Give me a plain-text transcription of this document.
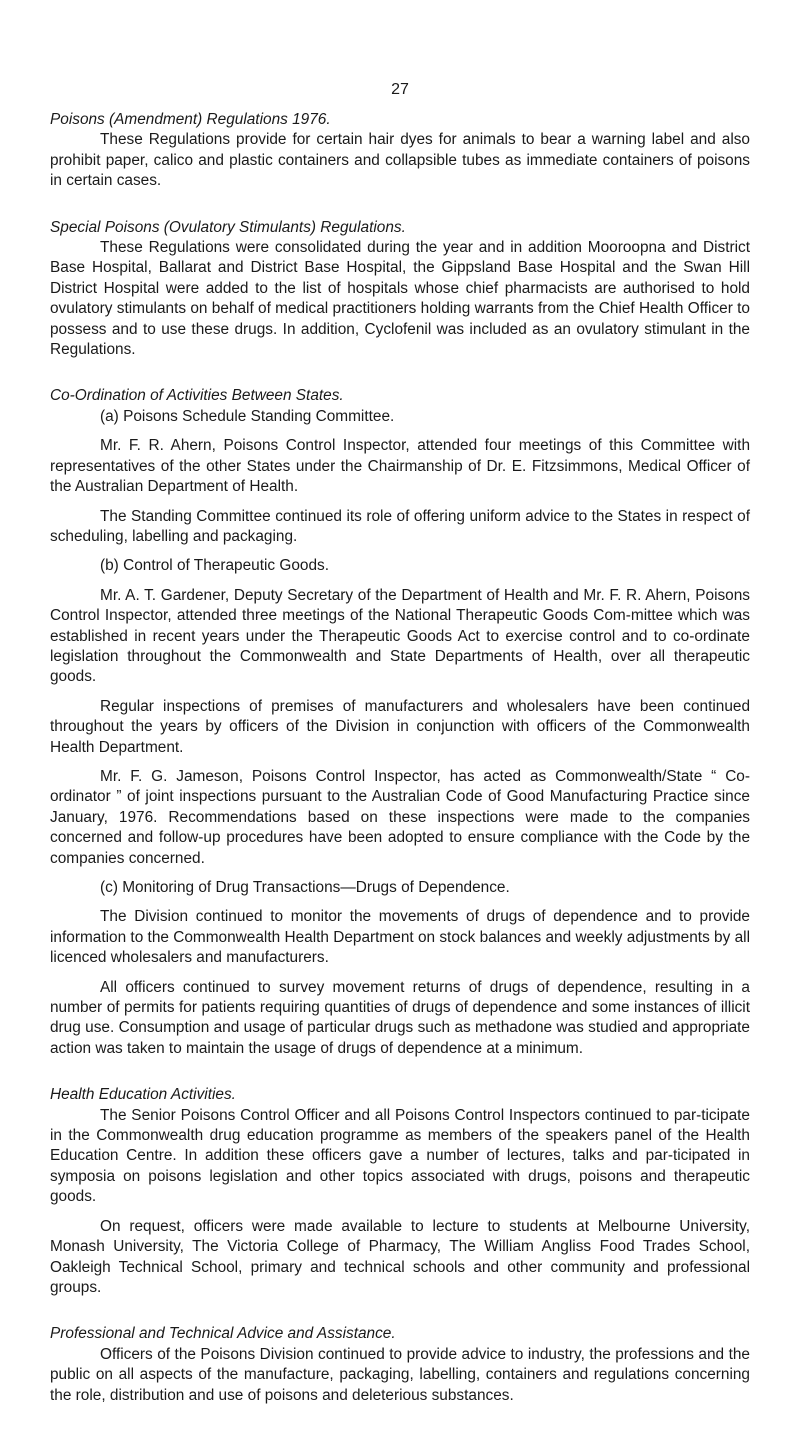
27

Poisons (Amendment) Regulations 1976.

These Regulations provide for certain hair dyes for animals to bear a warning label and also prohibit paper, calico and plastic containers and collapsible tubes as immediate containers of poisons in certain cases.

Special Poisons (Ovulatory Stimulants) Regulations.

These Regulations were consolidated during the year and in addition Mooroopna and District Base Hospital, Ballarat and District Base Hospital, the Gippsland Base Hospital and the Swan Hill District Hospital were added to the list of hospitals whose chief pharmacists are authorised to hold ovulatory stimulants on behalf of medical practitioners holding warrants from the Chief Health Officer to possess and to use these drugs. In addition, Cyclofenil was included as an ovulatory stimulant in the Regulations.

Co-Ordination of Activities Between States.

(a) Poisons Schedule Standing Committee.

Mr. F. R. Ahern, Poisons Control Inspector, attended four meetings of this Committee with representatives of the other States under the Chairmanship of Dr. E. Fitzsimmons, Medical Officer of the Australian Department of Health.

The Standing Committee continued its role of offering uniform advice to the States in respect of scheduling, labelling and packaging.

(b) Control of Therapeutic Goods.

Mr. A. T. Gardener, Deputy Secretary of the Department of Health and Mr. F. R. Ahern, Poisons Control Inspector, attended three meetings of the National Therapeutic Goods Com-mittee which was established in recent years under the Therapeutic Goods Act to exercise control and to co-ordinate legislation throughout the Commonwealth and State Departments of Health, over all therapeutic goods.

Regular inspections of premises of manufacturers and wholesalers have been continued throughout the years by officers of the Division in conjunction with officers of the Commonwealth Health Department.

Mr. F. G. Jameson, Poisons Control Inspector, has acted as Commonwealth/State “ Co-ordinator ” of joint inspections pursuant to the Australian Code of Good Manufacturing Practice since January, 1976. Recommendations based on these inspections were made to the companies concerned and follow-up procedures have been adopted to ensure compliance with the Code by the companies concerned.

(c) Monitoring of Drug Transactions—Drugs of Dependence.

The Division continued to monitor the movements of drugs of dependence and to provide information to the Commonwealth Health Department on stock balances and weekly adjustments by all licenced wholesalers and manufacturers.

All officers continued to survey movement returns of drugs of dependence, resulting in a number of permits for patients requiring quantities of drugs of dependence and some instances of illicit drug use. Consumption and usage of particular drugs such as methadone was studied and appropriate action was taken to maintain the usage of drugs of dependence at a minimum.

Health Education Activities.

The Senior Poisons Control Officer and all Poisons Control Inspectors continued to par-ticipate in the Commonwealth drug education programme as members of the speakers panel of the Health Education Centre. In addition these officers gave a number of lectures, talks and par-ticipated in symposia on poisons legislation and other topics associated with drugs, poisons and therapeutic goods.

On request, officers were made available to lecture to students at Melbourne University, Monash University, The Victoria College of Pharmacy, The William Angliss Food Trades School, Oakleigh Technical School, primary and technical schools and other community and professional groups.

Professional and Technical Advice and Assistance.

Officers of the Poisons Division continued to provide advice to industry, the professions and the public on all aspects of the manufacture, packaging, labelling, containers and regulations concerning the role, distribution and use of poisons and deleterious substances.
